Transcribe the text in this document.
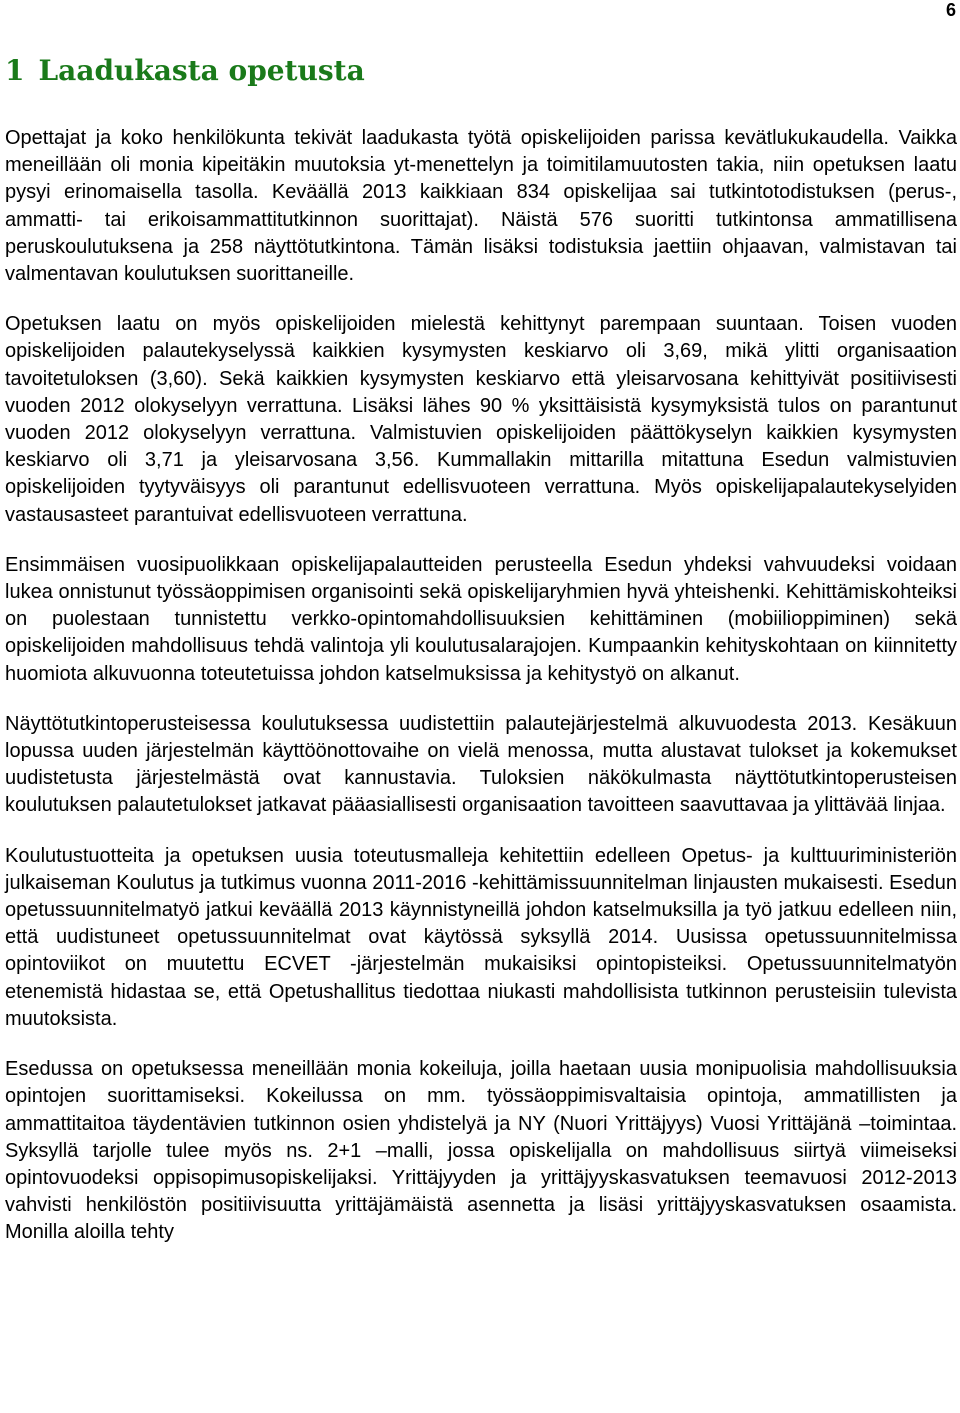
6
1 Laadukasta opetusta

Opettajat ja koko henkilökunta tekivät laadukasta työtä opiskelijoiden parissa kevätlukukaudella. Vaikka meneillään oli monia kipeitäkin muutoksia yt-menettelyn ja toimitilamuutosten takia, niin opetuksen laatu pysyi erinomaisella tasolla. Keväällä 2013 kaikkiaan 834 opiskelijaa sai tutkintotodistuksen (perus-, ammatti- tai erikoisammattitutkinnon suorittajat). Näistä 576 suoritti tutkintonsa ammatillisena peruskoulutuksena ja 258 näyttötutkintona. Tämän lisäksi todistuksia jaettiin ohjaavan, valmistavan tai valmentavan koulutuksen suorittaneille.

Opetuksen laatu on myös opiskelijoiden mielestä kehittynyt parempaan suuntaan. Toisen vuoden opiskelijoiden palautekyselyssä kaikkien kysymysten keskiarvo oli 3,69, mikä ylitti organisaation tavoitetuloksen (3,60). Sekä kaikkien kysymysten keskiarvo että yleisarvosana kehittyivät positiivisesti vuoden 2012 olokyselyyn verrattuna. Lisäksi lähes 90 % yksittäisistä kysymyksistä tulos on parantunut vuoden 2012 olokyselyyn verrattuna. Valmistuvien opiskelijoiden päättökyselyn kaikkien kysymysten keskiarvo oli 3,71 ja yleisarvosana 3,56. Kummallakin mittarilla mitattuna Esedun valmistuvien opiskelijoiden tyytyväisyys oli parantunut edellisvuoteen verrattuna. Myös opiskelijapalautekyselyiden vastausasteet parantuivat edellisvuoteen verrattuna.

Ensimmäisen vuosipuolikkaan opiskelijapalautteiden perusteella Esedun yhdeksi vahvuudeksi voidaan lukea onnistunut työssäoppimisen organisointi sekä opiskelijaryhmien hyvä yhteishenki. Kehittämiskohteiksi on puolestaan tunnistettu verkko-opintomahdollisuuksien kehittäminen (mobiilioppiminen) sekä opiskelijoiden mahdollisuus tehdä valintoja yli koulutusalarajojen. Kumpaankin kehityskohtaan on kiinnitetty huomiota alkuvuonna toteutetuissa johdon katselmuksissa ja kehitystyö on alkanut.

Näyttötutkintoperusteisessa koulutuksessa uudistettiin palautejärjestelmä alkuvuodesta 2013. Kesäkuun lopussa uuden järjestelmän käyttöönottovaihe on vielä menossa, mutta alustavat tulokset ja kokemukset uudistetusta järjestelmästä ovat kannustavia. Tuloksien näkökulmasta näyttötutkintoperusteisen koulutuksen palautetulokset jatkavat pääasiallisesti organisaation tavoitteen saavuttavaa ja ylittävää linjaa.

Koulutustuotteita ja opetuksen uusia toteutusmalleja kehitettiin edelleen Opetus- ja kulttuuriministeriön julkaiseman Koulutus ja tutkimus vuonna 2011-2016 -kehittämissuunnitelman linjausten mukaisesti. Esedun opetussuunnitelmatyö jatkui keväällä 2013 käynnistyneillä johdon katselmuksilla ja työ jatkuu edelleen niin, että uudistuneet opetussuunnitelmat ovat käytössä syksyllä 2014. Uusissa opetussuunnitelmissa opintoviikot on muutettu ECVET -järjestelmän mukaisiksi opintopisteiksi. Opetussuunnitelmatyön etenemistä hidastaa se, että Opetushallitus tiedottaa niukasti mahdollisista tutkinnon perusteisiin tulevista muutoksista.

Esedussa on opetuksessa meneillään monia kokeiluja, joilla haetaan uusia monipuolisia mahdollisuuksia opintojen suorittamiseksi. Kokeilussa on mm. työssäoppimisvaltaisia opintoja, ammatillisten ja ammattitaitoa täydentävien tutkinnon osien yhdistelyä ja NY (Nuori Yrittäjyys) Vuosi Yrittäjänä –toimintaa. Syksyllä tarjolle tulee myös ns. 2+1 –malli, jossa opiskelijalla on mahdollisuus siirtyä viimeiseksi opintovuodeksi oppisopimusopiskelijaksi. Yrittäjyyden ja yrittäjyyskasvatuksen teemavuosi 2012-2013 vahvisti henkilöstön positiivisuutta yrittäjämäistä asennetta ja lisäsi yrittäjyyskasvatuksen osaamista. Monilla aloilla tehty
